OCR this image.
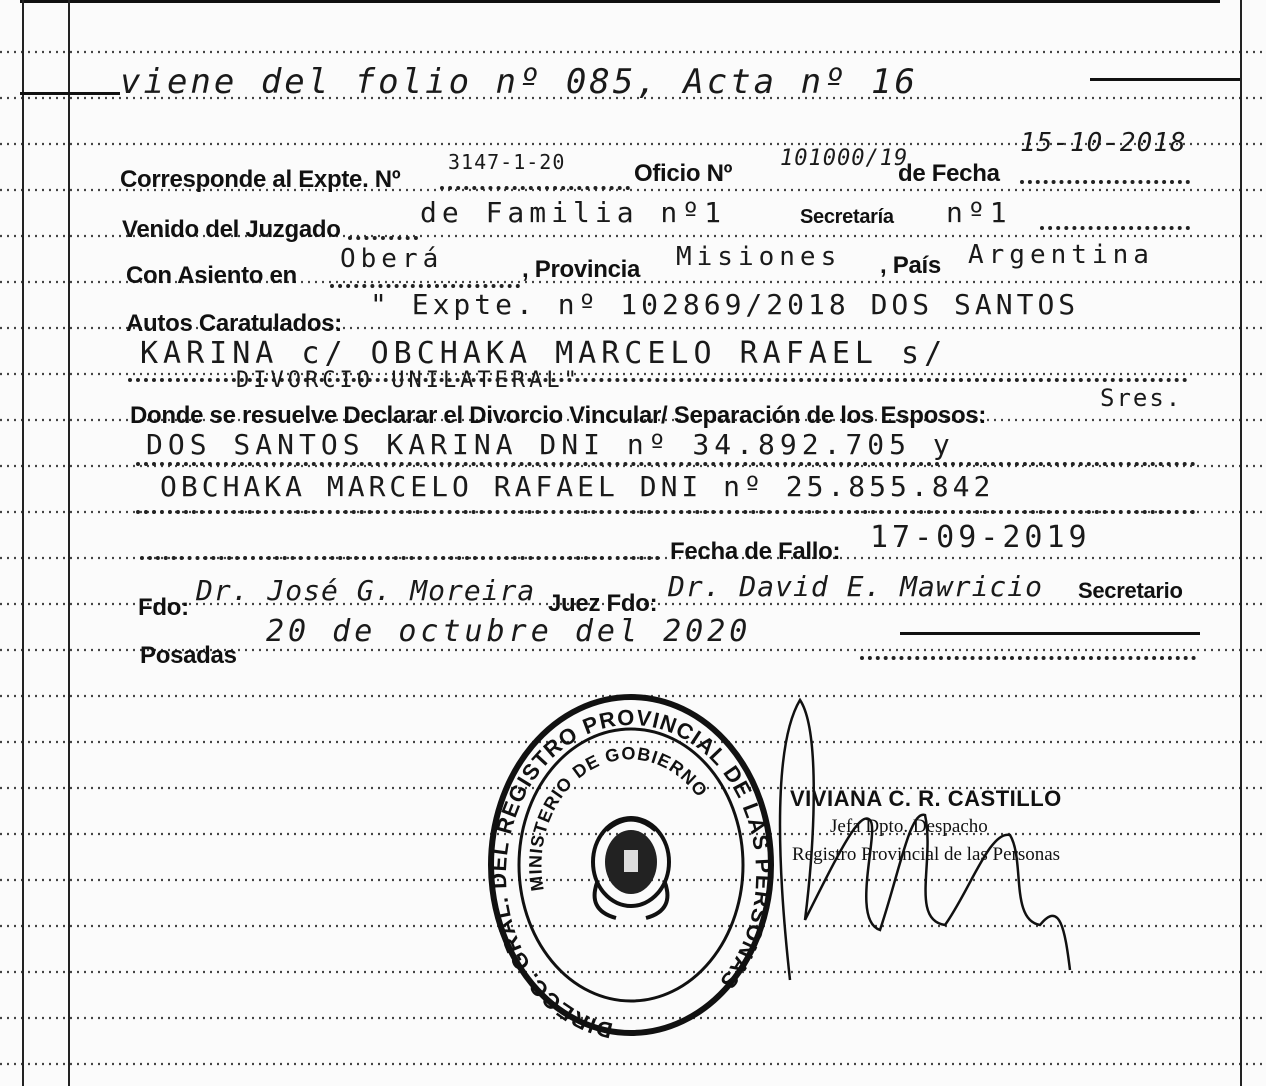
viene del folio nº 085, Acta nº 16
Corresponde al Expte. Nº
3147-1-20	Oficio Nº
101000/19
de Fecha
15-10-2018
Venido del Juzgado
de Familia nº1	Secretaría nº1
Con Asiento en
Oberá	, Provincia Misiones , País Argentina
Autos Caratulados:
" Expte. nº 102869/2018 DOS SANTOS
KARINA c/ OBCHAKA MARCELO RAFAEL s/
DIVORCIO UNILATERAL"
Donde se resuelve Declarar el Divorcio Vincular/ Separación de los Esposos:
Sres.
DOS SANTOS KARINA DNI nº 34.892.705 y
OBCHAKA MARCELO RAFAEL DNI nº 25.855.842
Fecha de Fallo: 17-09-2019
Fdo:
Dr. José G. Moreira Juez Fdo:
Dr. David E. Mawricio Secretario
Posadas
20 de octubre del 2020
DIRECC. GRAL. DEL REGISTRO PROVINCIAL DE LAS PERSONAS
MINISTERIO DE GOBIERNO	VIVIANA C. R. CASTILLO
Jefa Dpto. Despacho
Registro Provincial de las Personas
